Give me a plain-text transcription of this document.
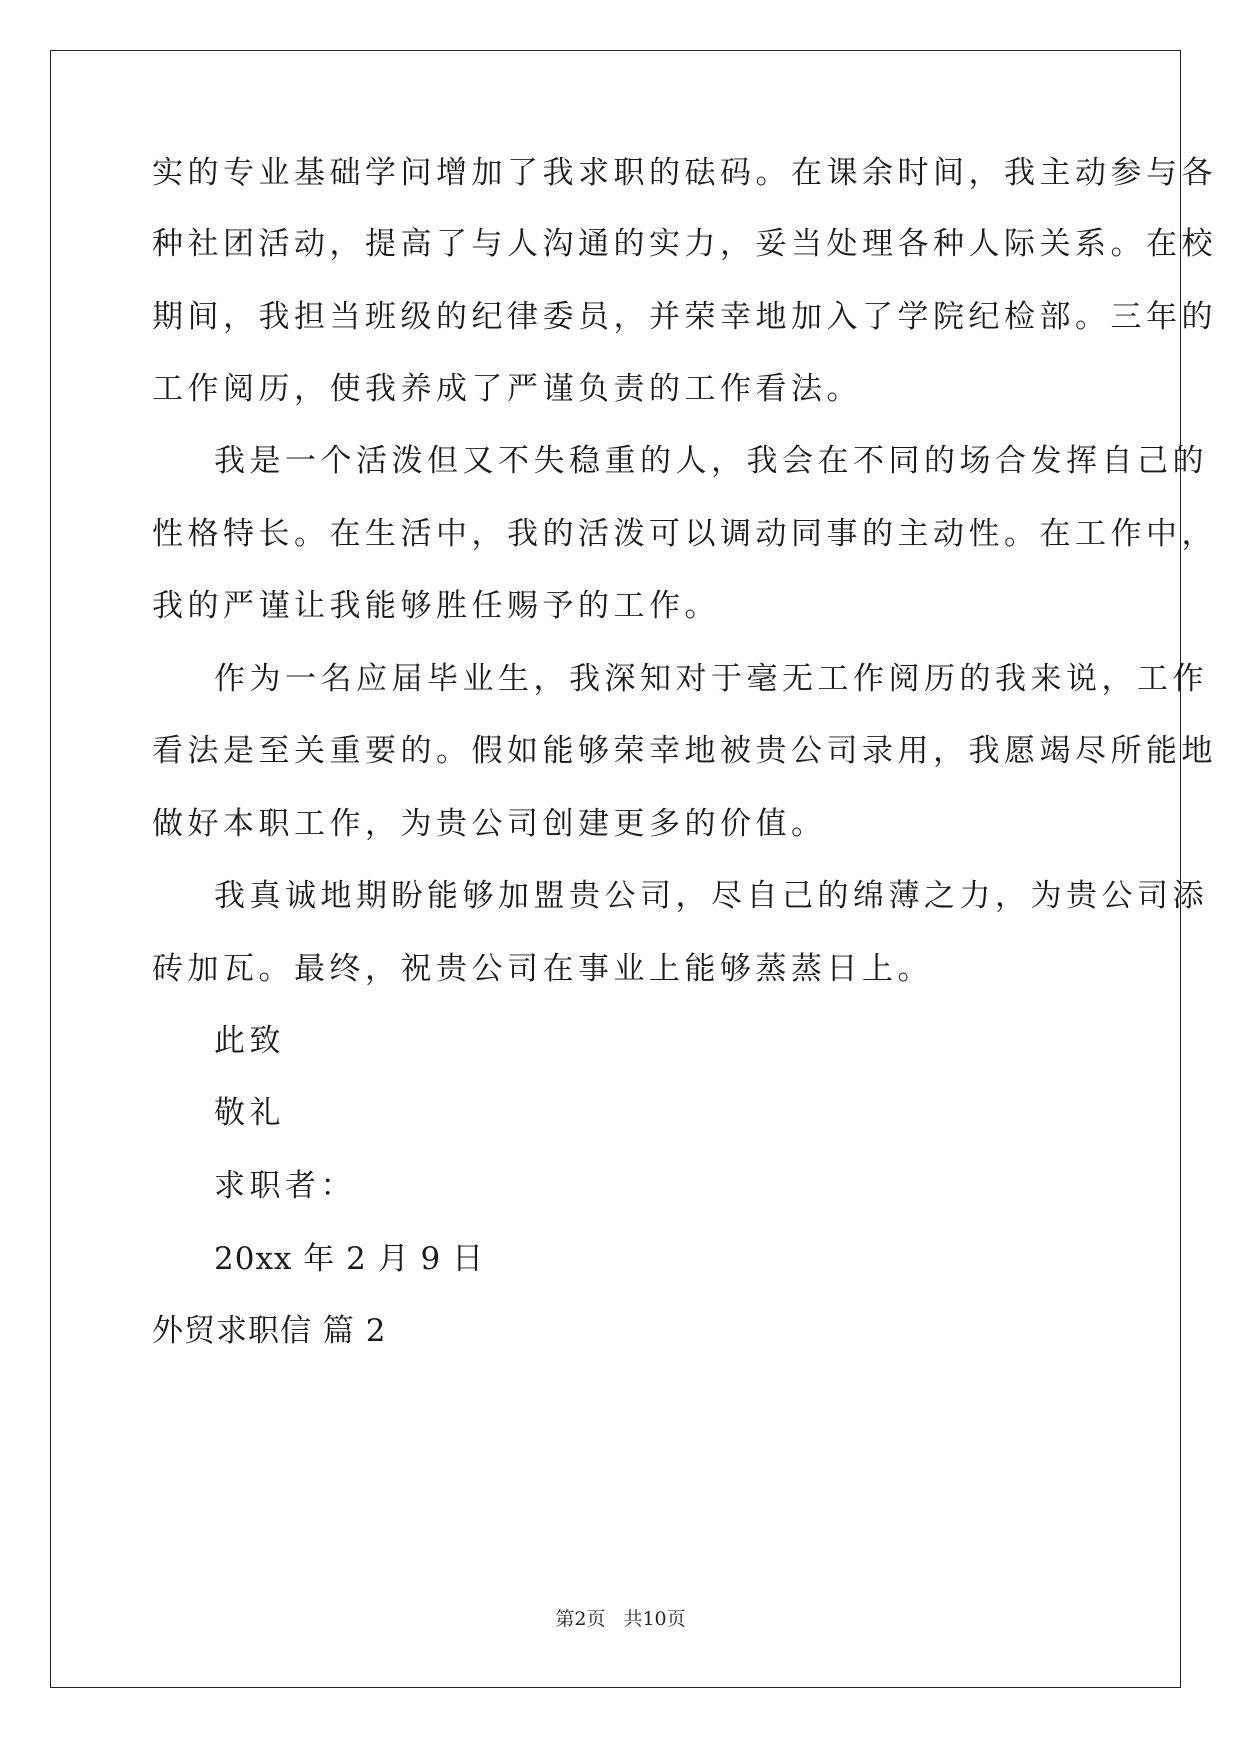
实的专业基础学问增加了我求职的砝码。在课余时间，我主动参与各
种社团活动，提高了与人沟通的实力，妥当处理各种人际关系。在校
期间，我担当班级的纪律委员，并荣幸地加入了学院纪检部。三年的
工作阅历，使我养成了严谨负责的工作看法。
我是一个活泼但又不失稳重的人，我会在不同的场合发挥自己的
性格特长。在生活中，我的活泼可以调动同事的主动性。在工作中，
我的严谨让我能够胜任赐予的工作。
作为一名应届毕业生，我深知对于毫无工作阅历的我来说，工作
看法是至关重要的。假如能够荣幸地被贵公司录用，我愿竭尽所能地
做好本职工作，为贵公司创建更多的价值。
我真诚地期盼能够加盟贵公司，尽自己的绵薄之力，为贵公司添
砖加瓦。最终，祝贵公司在事业上能够蒸蒸日上。
此致
敬礼
求职者：
20xx 年 2 月 9 日
外贸求职信 篇 2
第2页 共10页
